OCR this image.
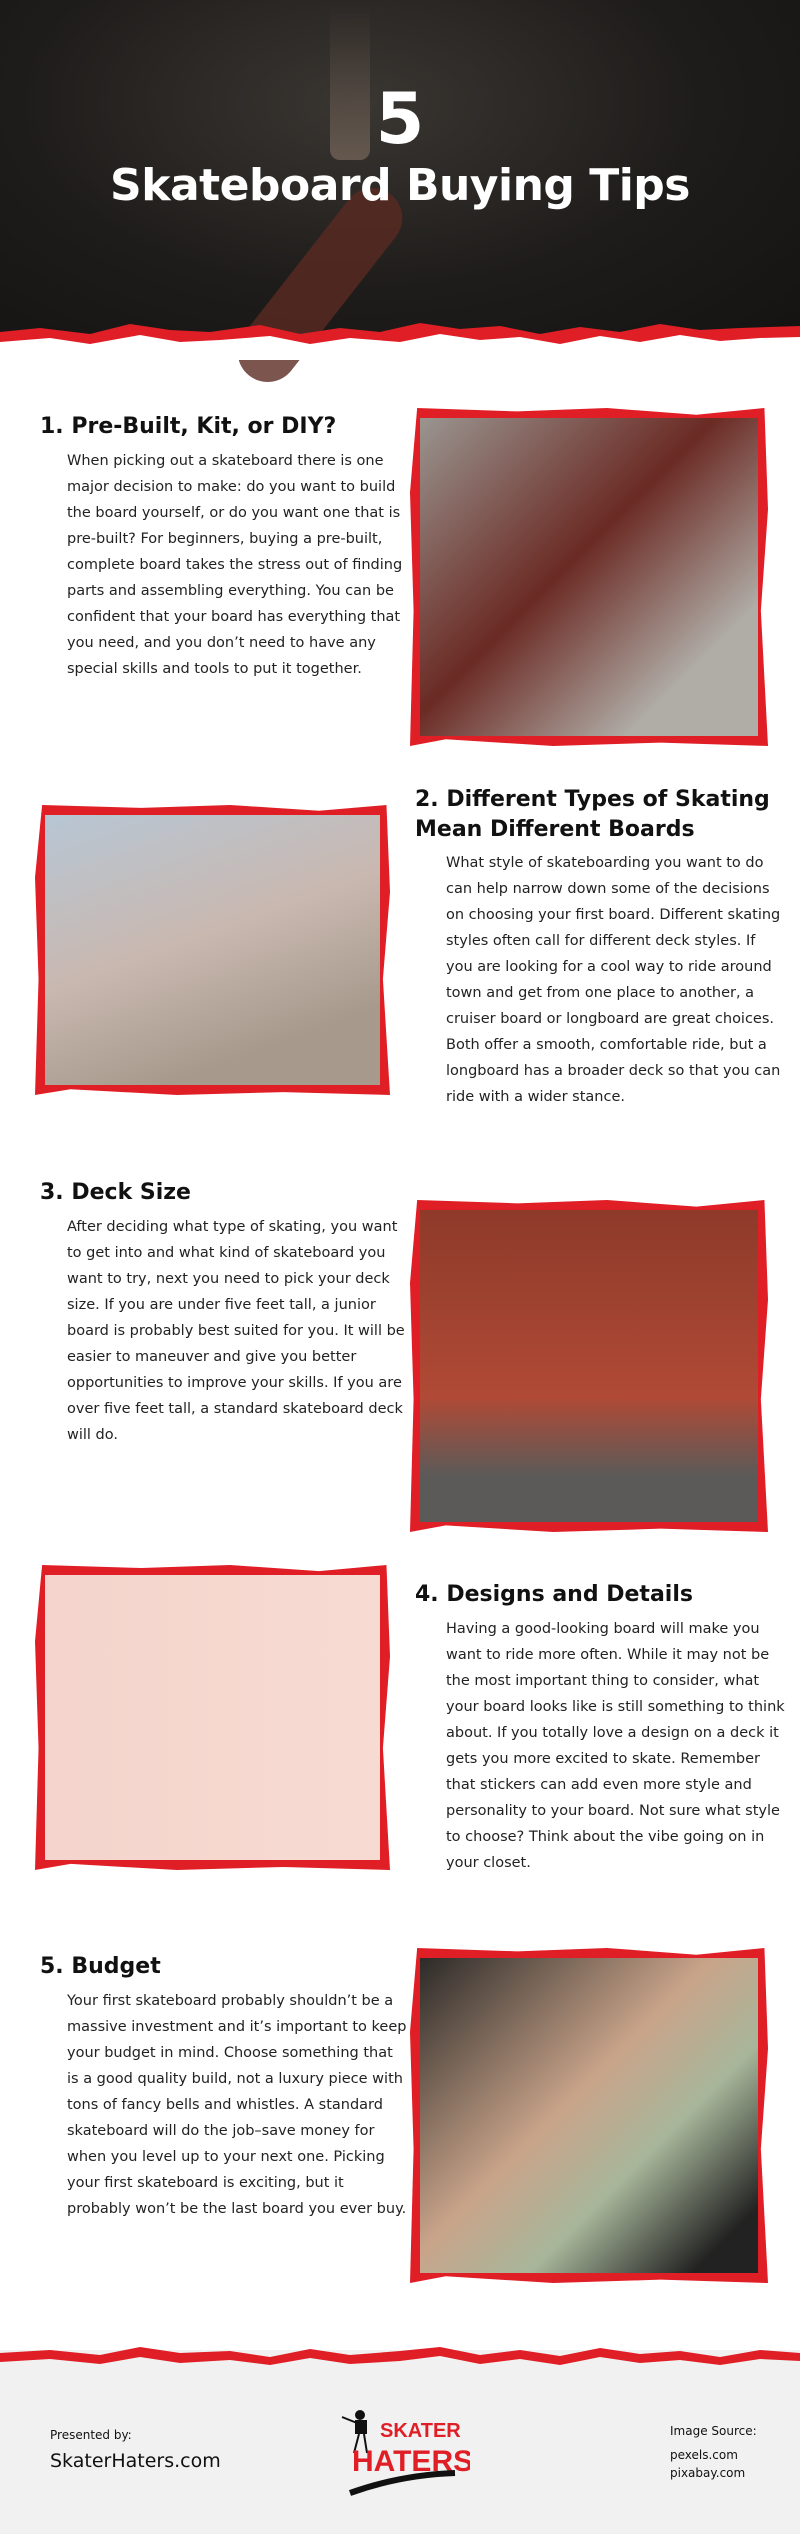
5
Skateboard Buying Tips
1. Pre-Built, Kit, or DIY?

When picking out a skateboard there is one major decision to make: do you want to build the board yourself, or do you want one that is pre-built? For beginners, buying a pre-built, complete board takes the stress out of finding parts and assembling everything. You can be confident that your board has everything that you need, and you don’t need to have any special skills and tools to put it together.

2. Different Types of Skating Mean Different Boards

What style of skateboarding you want to do can help narrow down some of the decisions on choosing your first board. Different skating styles often call for different deck styles. If you are looking for a cool way to ride around town and get from one place to another, a cruiser board or longboard are great choices. Both offer a smooth, comfortable ride, but a longboard has a broader deck so that you can ride with a wider stance.

3. Deck Size

After deciding what type of skating, you want to get into and what kind of skateboard you want to try, next you need to pick your deck size. If you are under five feet tall, a junior board is probably best suited for you. It will be easier to maneuver and give you better opportunities to improve your skills. If you are over five feet tall, a standard skateboard deck will do.

4. Designs and Details

Having a good-looking board will make you want to ride more often. While it may not be the most important thing to consider, what your board looks like is still something to think about. If you totally love a design on a deck it gets you more excited to skate. Remember that stickers can add even more style and personality to your board. Not sure what style to choose? Think about the vibe going on in your closet.

5. Budget

Your first skateboard probably shouldn’t be a massive investment and it’s important to keep your budget in mind. Choose something that is a good quality build, not a luxury piece with tons of fancy bells and whistles. A standard skateboard will do the job–save money for when you level up to your next one. Picking your first skateboard is exciting, but it probably won’t be the last board you ever buy.

Presented by:
SkaterHaters.com
Image Source:
pexels.com
pixabay.com
SKATER
HATERS
